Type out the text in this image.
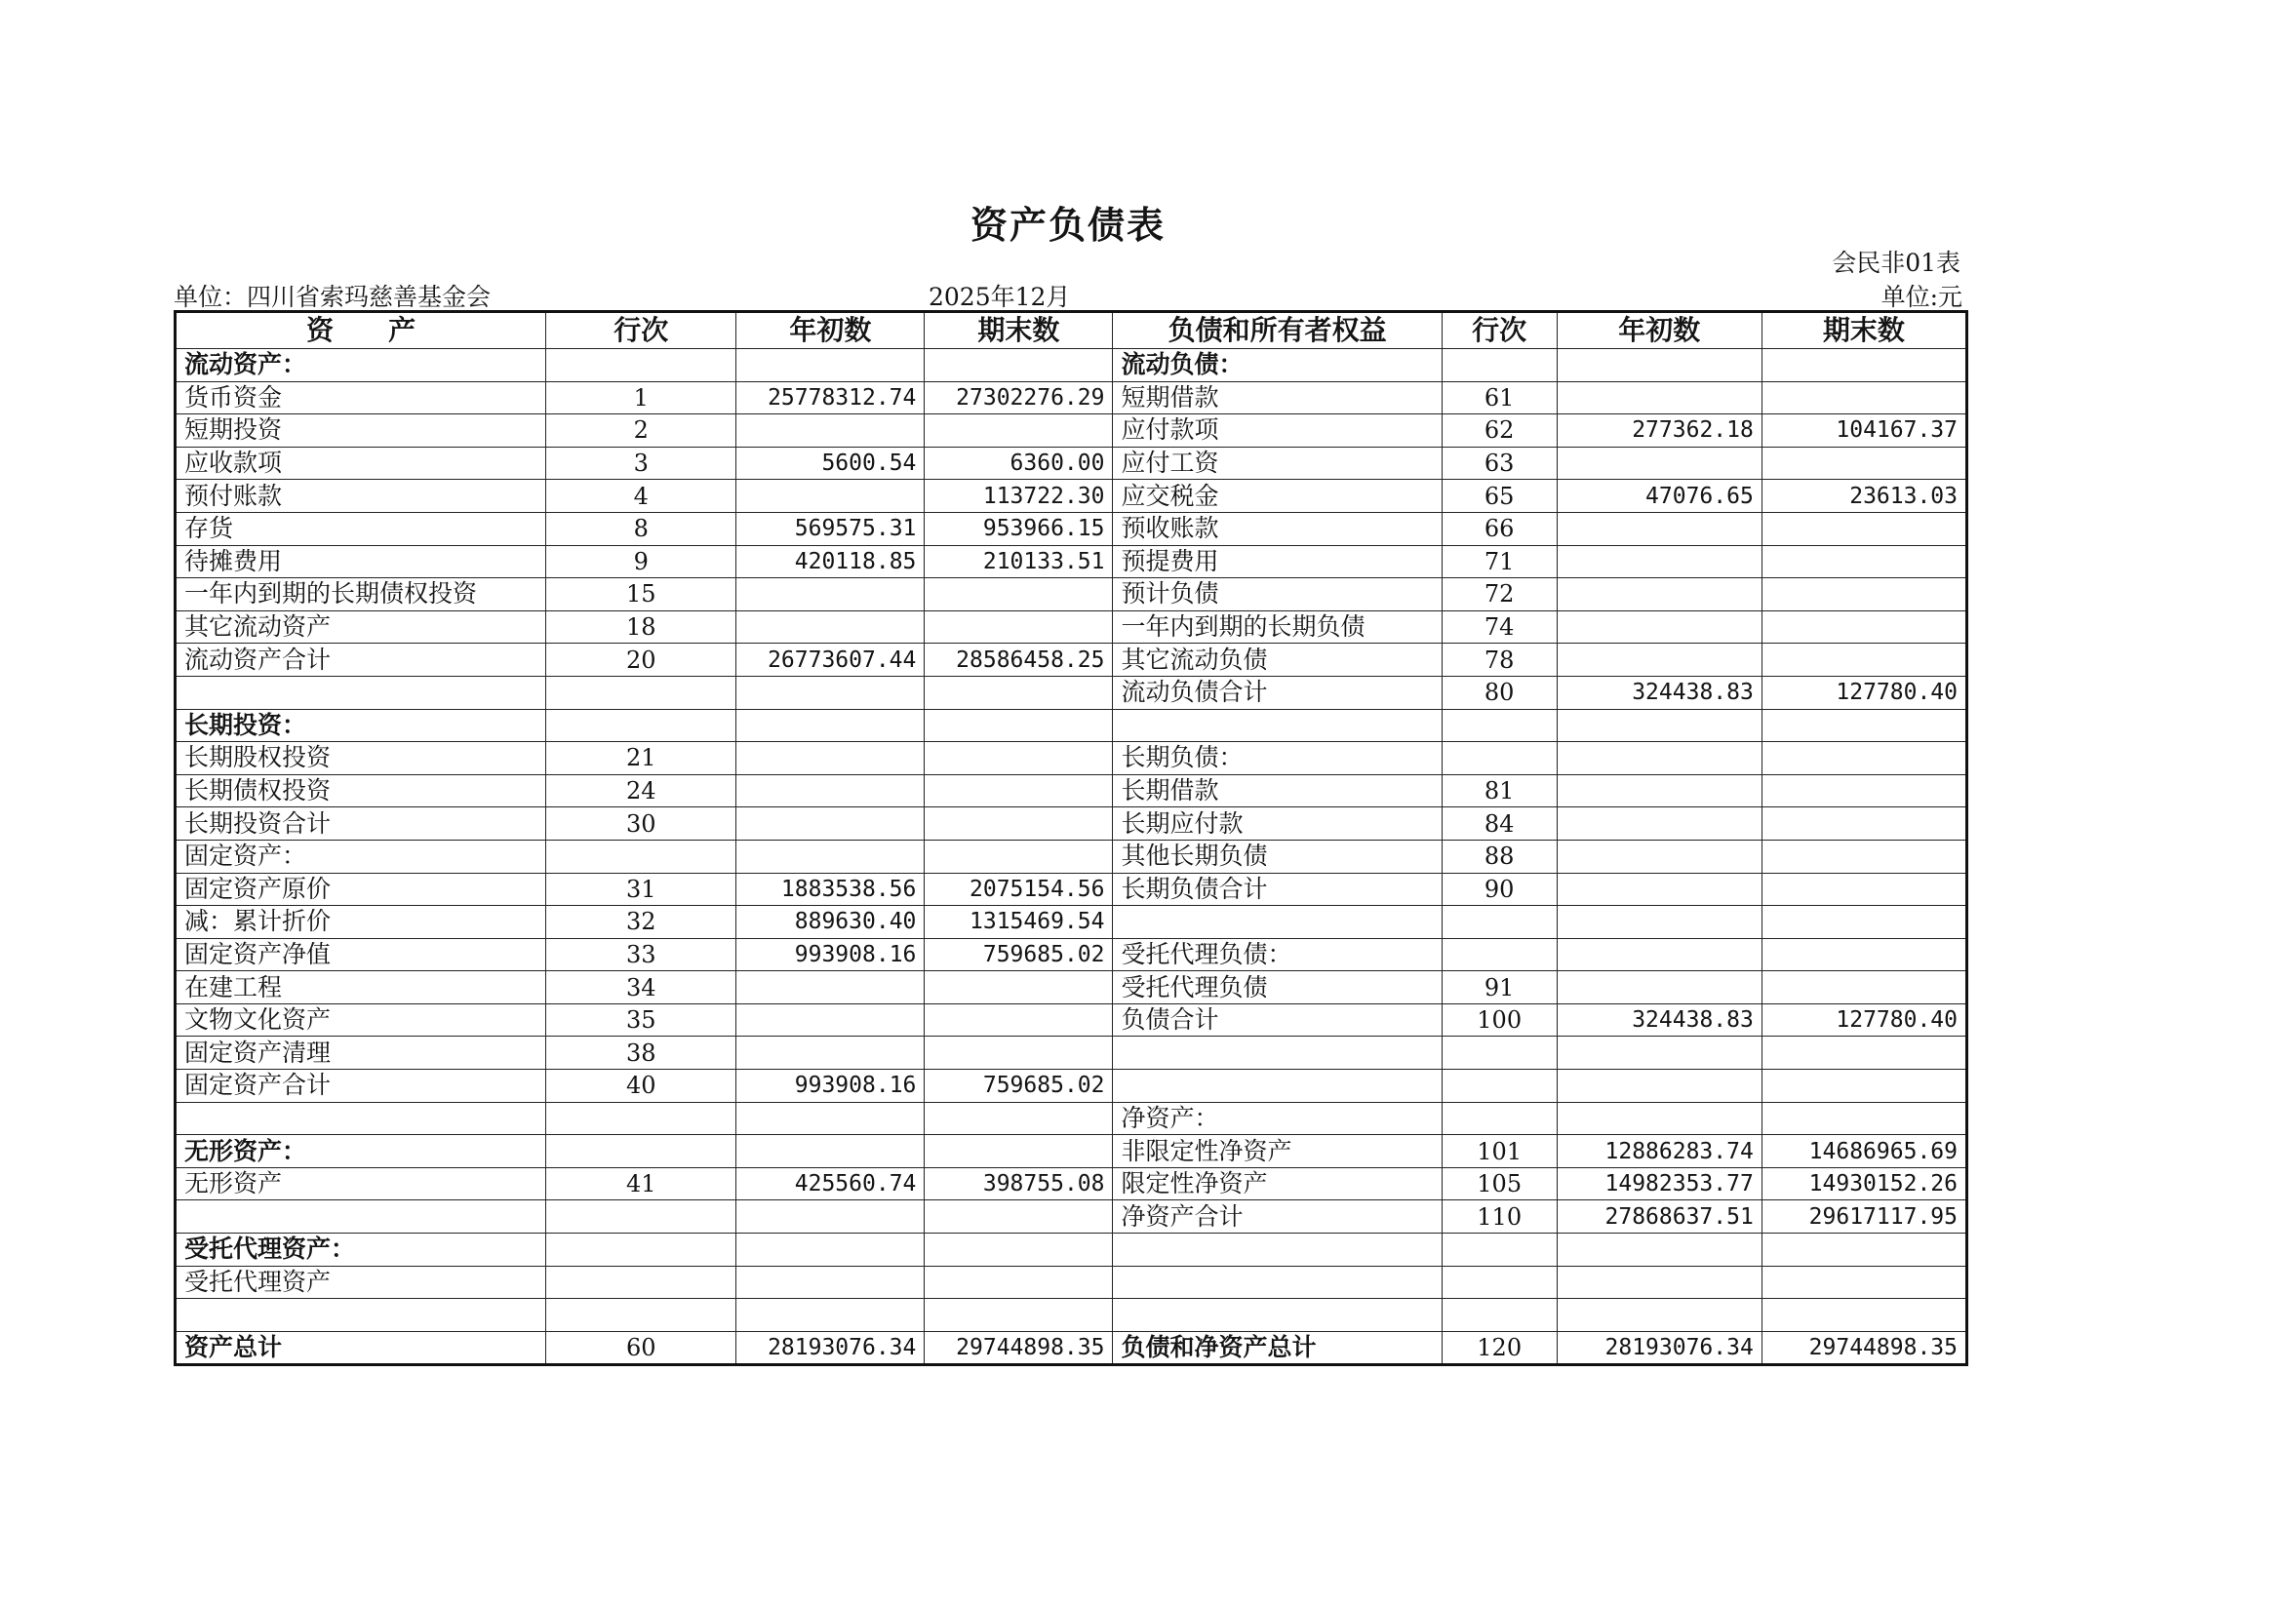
资产负债表
会民非01表
单位：四川省索玛慈善基金会	2025年12月	单位:元
资　　产	行次	年初数	期末数	负债和所有者权益	行次	年初数	期末数
流动资产：				流动负债：			
货币资金	1	25778312.74	27302276.29	短期借款	61		
短期投资	2			应付款项	62	277362.18	104167.37
应收款项	3	5600.54	6360.00	应付工资	63		
预付账款	4		113722.30	应交税金	65	47076.65	23613.03
存货	8	569575.31	953966.15	预收账款	66		
待摊费用	9	420118.85	210133.51	预提费用	71		
一年内到期的长期债权投资	15			预计负债	72		
其它流动资产	18			一年内到期的长期负债	74		
流动资产合计	20	26773607.44	28586458.25	其它流动负债	78		
				流动负债合计	80	324438.83	127780.40
长期投资：							
长期股权投资	21			长期负债：			
长期债权投资	24			长期借款	81		
长期投资合计	30			长期应付款	84		
固定资产：				其他长期负债	88		
固定资产原价	31	1883538.56	2075154.56	长期负债合计	90		
减：累计折价	32	889630.40	1315469.54				
固定资产净值	33	993908.16	759685.02	受托代理负债：			
在建工程	34			受托代理负债	91		
文物文化资产	35			负债合计	100	324438.83	127780.40
固定资产清理	38						
固定资产合计	40	993908.16	759685.02				
				净资产：			
无形资产：				非限定性净资产	101	12886283.74	14686965.69
无形资产	41	425560.74	398755.08	限定性净资产	105	14982353.77	14930152.26
				净资产合计	110	27868637.51	29617117.95
受托代理资产：							
受托代理资产							

资产总计	60	28193076.34	29744898.35	负债和净资产总计	120	28193076.34	29744898.35
